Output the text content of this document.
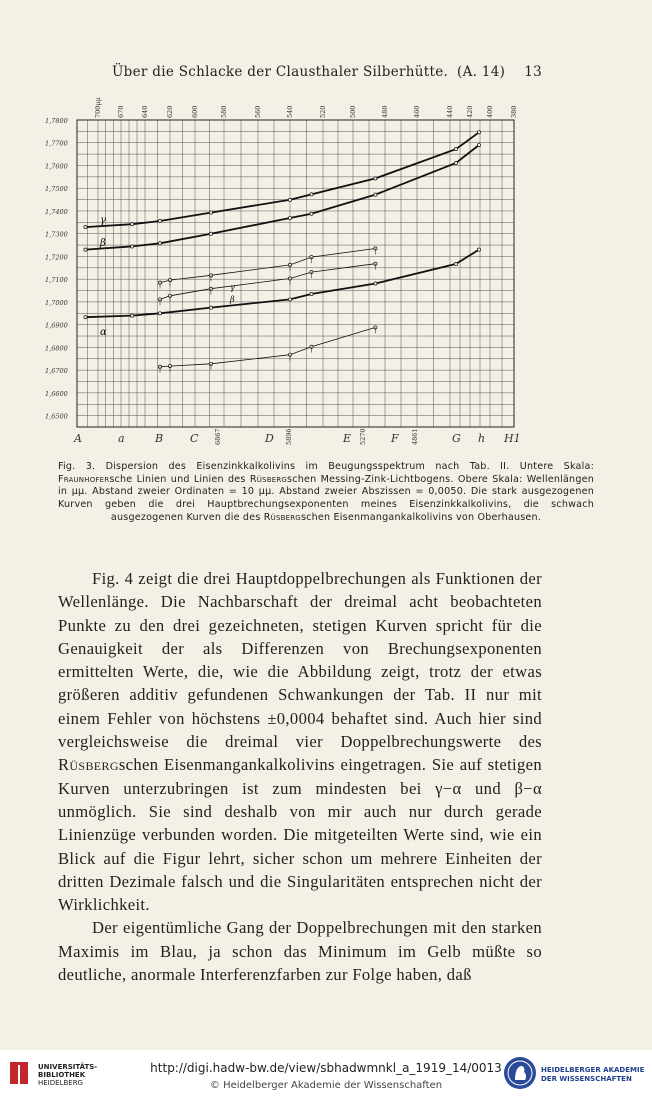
Über die Schlacke der Clausthaler Silberhütte. (A. 14) 13
1,7800
1,7700
1,7600
1,7500
1,7400
1,7300
1,7200
1,7100
1,7000
1,6900
1,6800
1,6700
1,6600
1,6500
700μμ 670 640	620	600	580	560	540	520	500	480	460	440 420 400 380
A	a	B C 6867	D 5896	E 5270 F 4861	G h H1
γ
β
γ
β
α
Fig. 3. Dispersion des Eisenzinkkalkolivins im Beugungsspektrum nach Tab. II. Untere Skala: Fraunhofersche Linien und Linien des Rüsbergschen Messing-Zink-Lichtbogens. Obere Skala: Wellenlängen in μμ. Abstand zweier Ordinaten = 10 μμ. Abstand zweier Abszissen = 0,0050. Die stark ausgezogenen Kurven geben die drei Hauptbrechungsexponenten meines Eisenzinkkalkolivins, die schwach ausgezogenen Kurven die des Rüsbergschen Eisenmangankalkolivins von Oberhausen.

Fig. 4 zeigt die drei Hauptdoppelbrechungen als Funktionen der Wellenlänge. Die Nachbarschaft der dreimal acht beobachteten Punkte zu den drei gezeichneten, stetigen Kurven spricht für die Genauigkeit der als Differenzen von Brechungsexponenten ermittelten Werte, die, wie die Abbildung zeigt, trotz der etwas größeren additiv gefundenen Schwankungen der Tab. II nur mit einem Fehler von höchstens ±0,0004 behaftet sind. Auch hier sind vergleichsweise die dreimal vier Doppelbrechungswerte des Rüsbergschen Eisenmangankalkolivins eingetragen. Sie auf stetigen Kurven unterzubringen ist zum mindesten bei γ−α und β−α unmöglich. Sie sind deshalb von mir auch nur durch gerade Linienzüge verbunden worden. Die mitgeteilten Werte sind, wie ein Blick auf die Figur lehrt, sicher schon um mehrere Einheiten der dritten Dezimale falsch und die Singularitäten entsprechen nicht der Wirklichkeit.

Der eigentümliche Gang der Doppelbrechungen mit den starken Maximis im Blau, ja schon das Minimum im Gelb müßte so deutliche, anormale Interferenzfarben zur Folge haben, daß

UNIVERSITÄTS-
BIBLIOTHEK
HEIDELBERG
http://digi.hadw-bw.de/view/sbhadwmnkl_a_1919_14/0013
© Heidelberger Akademie der Wissenschaften
HEIDELBERGER AKADEMIE
DER WISSENSCHAFTEN
